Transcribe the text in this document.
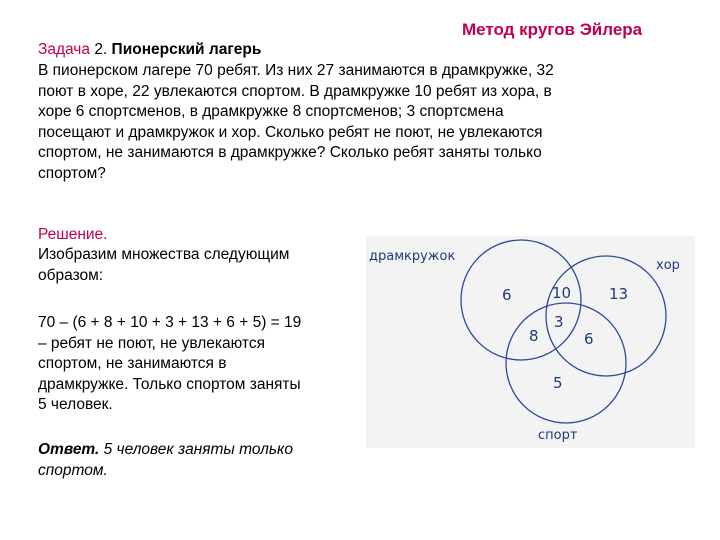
Метод кругов Эйлера
Задача 2. Пионерский лагерь
В пионерском лагере 70 ребят. Из них 27 занимаются в драмкружке, 32
поют в хоре, 22 увлекаются спортом. В драмкружке 10 ребят из хора, в
хоре 6 спортсменов, в драмкружке 8 спортсменов; 3 спортсмена
посещают и драмкружок и хор. Сколько ребят не поют, не увлекаются
спортом, не занимаются в драмкружке? Сколько ребят заняты только
спортом?
Решение.
Изобразим множества следующим
образом:
70 – (6 + 8 + 10 + 3 + 13 + 6 + 5) = 19
– ребят не поют, не увлекаются
спортом, не занимаются в
драмкружке. Только спортом заняты
5 человек.
Ответ. 5 человек заняты только
спортом.
драмкружок
хор
спорт
6	10	13
8
3
6
5
